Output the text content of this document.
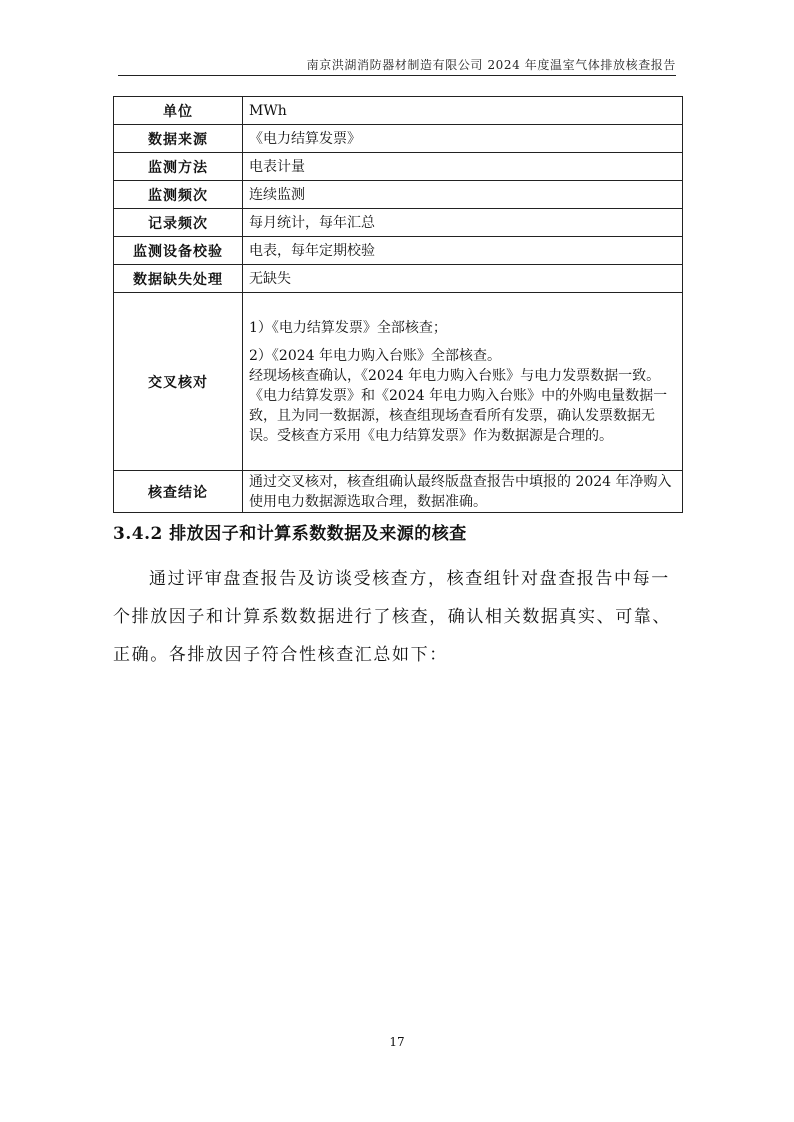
南京洪湖消防器材制造有限公司 2024 年度温室气体排放核查报告
单位	MWh
数据来源	《电力结算发票》
监测方法	电表计量
监测频次	连续监测
记录频次	每月统计，每年汇总
监测设备校验	电表，每年定期校验
数据缺失处理	无缺失
交叉核对	1）《电力结算发票》全部核查；
2）《2024 年电力购入台账》全部核查。
经现场核查确认，《2024 年电力购入台账》与电力发票数据一致。
《电力结算发票》和《2024 年电力购入台账》中的外购电量数据一致，且为同一数据源，核查组现场查看所有发票，确认发票数据无误。受核查方采用《电力结算发票》作为数据源是合理的。

核查结论	通过交叉核对，核查组确认最终版盘查报告中填报的 2024 年净购入使用电力数据源选取合理，数据准确。
3.4.2 排放因子和计算系数数据及来源的核查

通过评审盘查报告及访谈受核查方，核查组针对盘查报告中每一个排放因子和计算系数数据进行了核查，确认相关数据真实、可靠、正确。各排放因子符合性核查汇总如下：

17
